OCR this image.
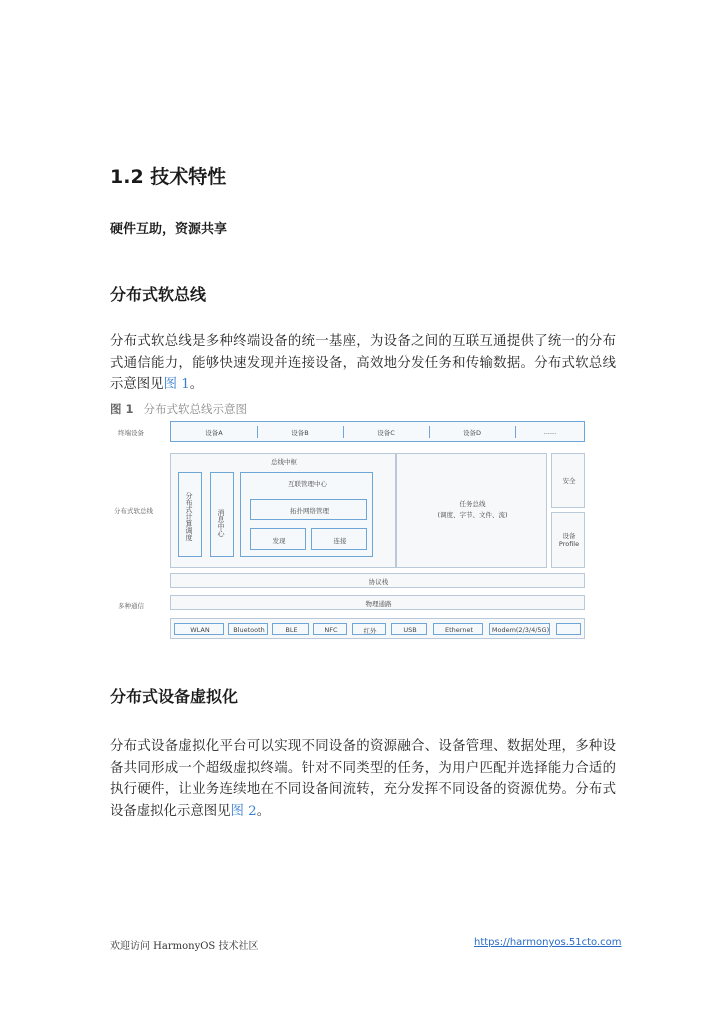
1.2 技术特性
硬件互助，资源共享
分布式软总线

分布式软总线是多种终端设备的统一基座，为设备之间的互联互通提供了统一的分布式通信能力，能够快速发现并连接设备，高效地分发任务和传输数据。分布式软总线示意图见图 1。

图 1 分布式软总线示意图
终端设备
分布式软总线
多种通信
设备A	设备B	设备C	设备D	......
总线中枢
分布式计算调度	消息中心
互联管理中心
拓扑网络管理
发现	连接
任务总线
(调度、字节、文件、流)
安全
设备
Profile
协议栈
物理通路
WLAN	Bluetooth	BLE	NFC	红外	USB	Ethernet	Modem(2/3/4/5G)
分布式设备虚拟化

分布式设备虚拟化平台可以实现不同设备的资源融合、设备管理、数据处理，多种设备共同形成一个超级虚拟终端。针对不同类型的任务，为用户匹配并选择能力合适的执行硬件，让业务连续地在不同设备间流转，充分发挥不同设备的资源优势。分布式设备虚拟化示意图见图 2。

欢迎访问 HarmonyOS 技术社区	https://harmonyos.51cto.com
